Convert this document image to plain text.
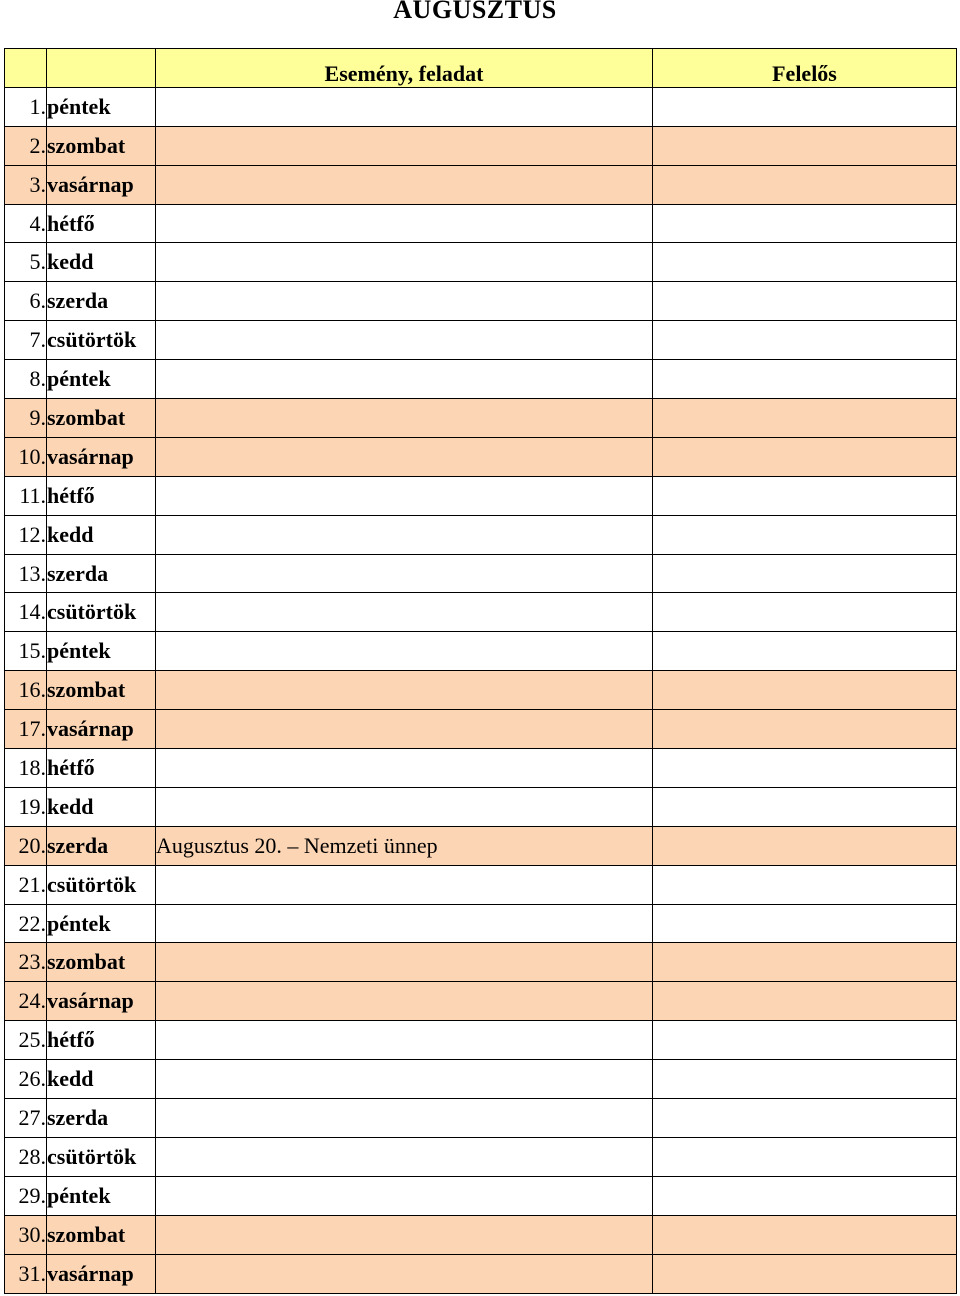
AUGUSZTUS
		Esemény, feladat	Felelős
1.	péntek		
2.	szombat		
3.	vasárnap		
4.	hétfő		
5.	kedd		
6.	szerda		
7.	csütörtök		
8.	péntek		
9.	szombat		
10.	vasárnap		
11.	hétfő		
12.	kedd		
13.	szerda		
14.	csütörtök		
15.	péntek		
16.	szombat		
17.	vasárnap		
18.	hétfő		
19.	kedd		
20.	szerda	Augusztus 20. – Nemzeti ünnep	
21.	csütörtök		
22.	péntek		
23.	szombat		
24.	vasárnap		
25.	hétfő		
26.	kedd		
27.	szerda		
28.	csütörtök		
29.	péntek		
30.	szombat		
31.	vasárnap		
